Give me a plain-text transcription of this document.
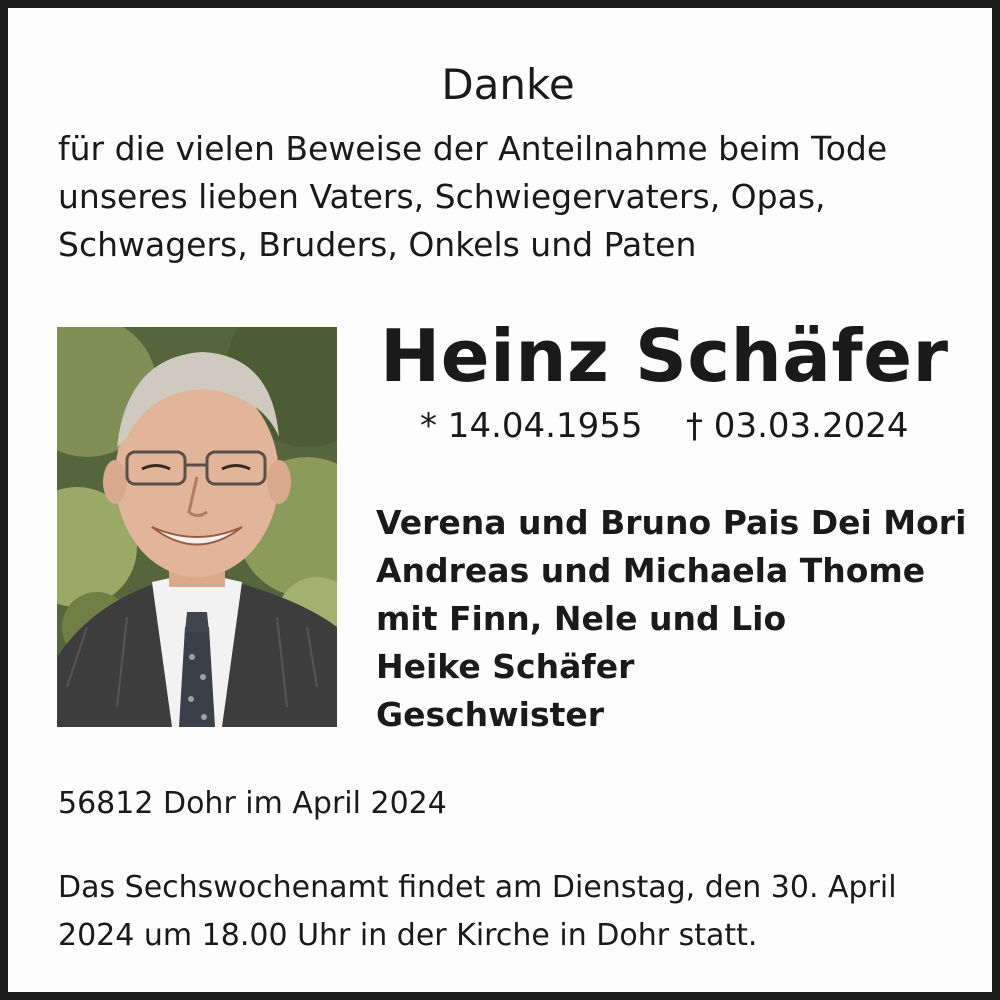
Danke
für die vielen Beweise der Anteilnahme beim Tode
unseres lieben Vaters, Schwiegervaters, Opas,
Schwagers, Bruders, Onkels und Paten
Heinz Schäfer
* 14.04.1955 † 03.03.2024
Verena und Bruno Pais Dei Mori
Andreas und Michaela Thome
mit Finn, Nele und Lio
Heike Schäfer
Geschwister
56812 Dohr im April 2024
Das Sechswochenamt findet am Dienstag, den 30. April
2024 um 18.00 Uhr in der Kirche in Dohr statt.
